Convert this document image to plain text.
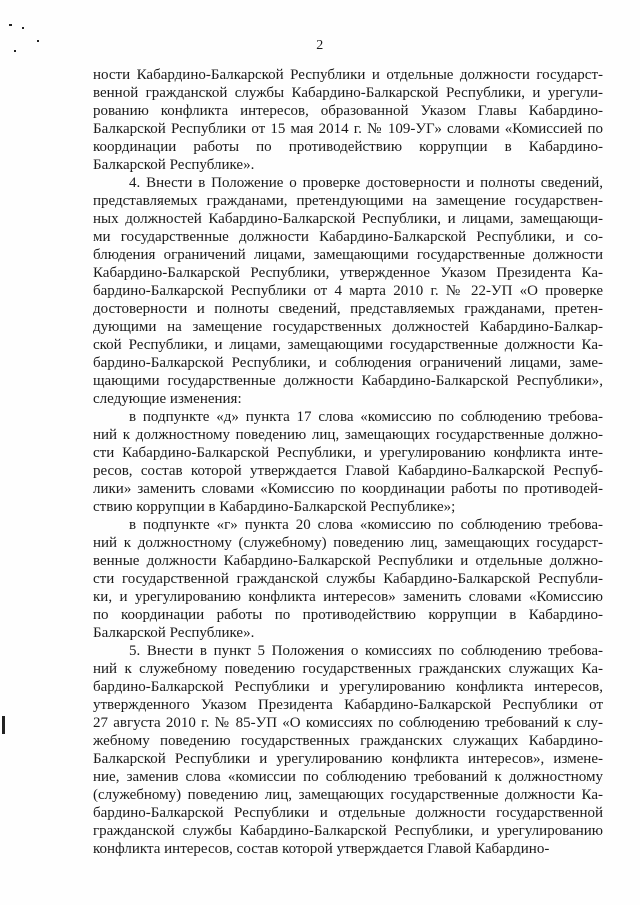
2
ности Кабардино-Балкарской Республики и отдельные должности государст-
венной гражданской службы Кабардино-Балкарской Республики, и урегули-
рованию конфликта интересов, образованной Указом Главы Кабардино-
Балкарской Республики от 15 мая 2014 г. № 109-УГ» словами «Комиссией по
координации работы по противодействию коррупции в Кабардино-
Балкарской Республике».
4. Внести в Положение о проверке достоверности и полноты сведений,
представляемых гражданами, претендующими на замещение государствен-
ных должностей Кабардино-Балкарской Республики, и лицами, замещающи-
ми государственные должности Кабардино-Балкарской Республики, и со-
блюдения ограничений лицами, замещающими государственные должности
Кабардино-Балкарской Республики, утвержденное Указом Президента Ка-
бардино-Балкарской Республики от 4 марта 2010 г. № 22-УП «О проверке
достоверности и полноты сведений, представляемых гражданами, претен-
дующими на замещение государственных должностей Кабардино-Балкар-
ской Республики, и лицами, замещающими государственные должности Ка-
бардино-Балкарской Республики, и соблюдения ограничений лицами, заме-
щающими государственные должности Кабардино-Балкарской Республики»,
следующие изменения:
в подпункте «д» пункта 17 слова «комиссию по соблюдению требова-
ний к должностному поведению лиц, замещающих государственные должно-
сти Кабардино-Балкарской Республики, и урегулированию конфликта инте-
ресов, состав которой утверждается Главой Кабардино-Балкарской Респуб-
лики» заменить словами «Комиссию по координации работы по противодей-
ствию коррупции в Кабардино-Балкарской Республике»;
в подпункте «г» пункта 20 слова «комиссию по соблюдению требова-
ний к должностному (служебному) поведению лиц, замещающих государст-
венные должности Кабардино-Балкарской Республики и отдельные должно-
сти государственной гражданской службы Кабардино-Балкарской Республи-
ки, и урегулированию конфликта интересов» заменить словами «Комиссию
по координации работы по противодействию коррупции в Кабардино-
Балкарской Республике».
5. Внести в пункт 5 Положения о комиссиях по соблюдению требова-
ний к служебному поведению государственных гражданских служащих Ка-
бардино-Балкарской Республики и урегулированию конфликта интересов,
утвержденного Указом Президента Кабардино-Балкарской Республики от
27 августа 2010 г. № 85-УП «О комиссиях по соблюдению требований к слу-
жебному поведению государственных гражданских служащих Кабардино-
Балкарской Республики и урегулированию конфликта интересов», измене-
ние, заменив слова «комиссии по соблюдению требований к должностному
(служебному) поведению лиц, замещающих государственные должности Ка-
бардино-Балкарской Республики и отдельные должности государственной
гражданской службы Кабардино-Балкарской Республики, и урегулированию
конфликта интересов, состав которой утверждается Главой Кабардино-
